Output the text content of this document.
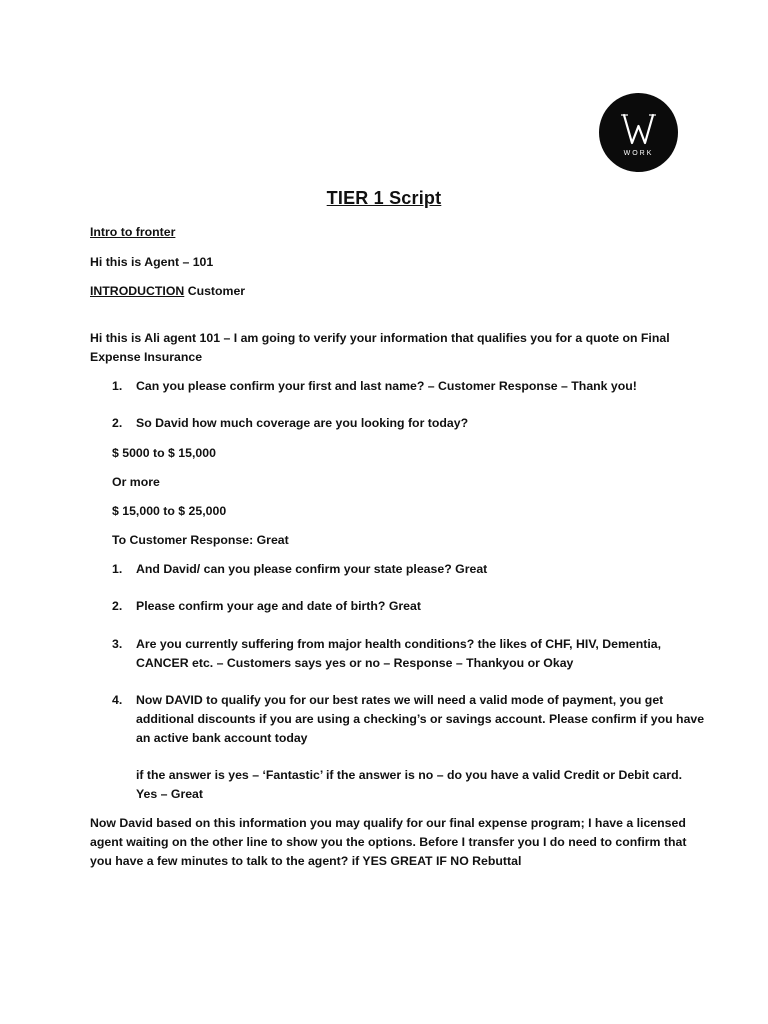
WORK
TIER 1 Script
Intro to fronter
Hi this is Agent – 101
INTRODUCTION Customer
Hi this is Ali agent 101 – I am going to verify your information that qualifies you for a quote on Final
Expense Insurance
1. Can you please confirm your first and last name? – Customer Response – Thank you!
2. So David how much coverage are you looking for today?
$ 5000 to $ 15,000
Or more
$ 15,000 to $ 25,000
To Customer Response: Great
1. And David/ can you please confirm your state please? Great
2. Please confirm your age and date of birth? Great
3. Are you currently suffering from major health conditions? the likes of CHF, HIV, Dementia,
CANCER etc. – Customers says yes or no – Response – Thankyou or Okay
4. Now DAVID to qualify you for our best rates we will need a valid mode of payment, you get
additional discounts if you are using a checking’s or savings account. Please confirm if you have
an active bank account today
if the answer is yes – ‘Fantastic’ if the answer is no – do you have a valid Credit or Debit card.
Yes – Great
Now David based on this information you may qualify for our final expense program; I have a licensed
agent waiting on the other line to show you the options. Before I transfer you I do need to confirm that
you have a few minutes to talk to the agent? if YES GREAT IF NO Rebuttal
